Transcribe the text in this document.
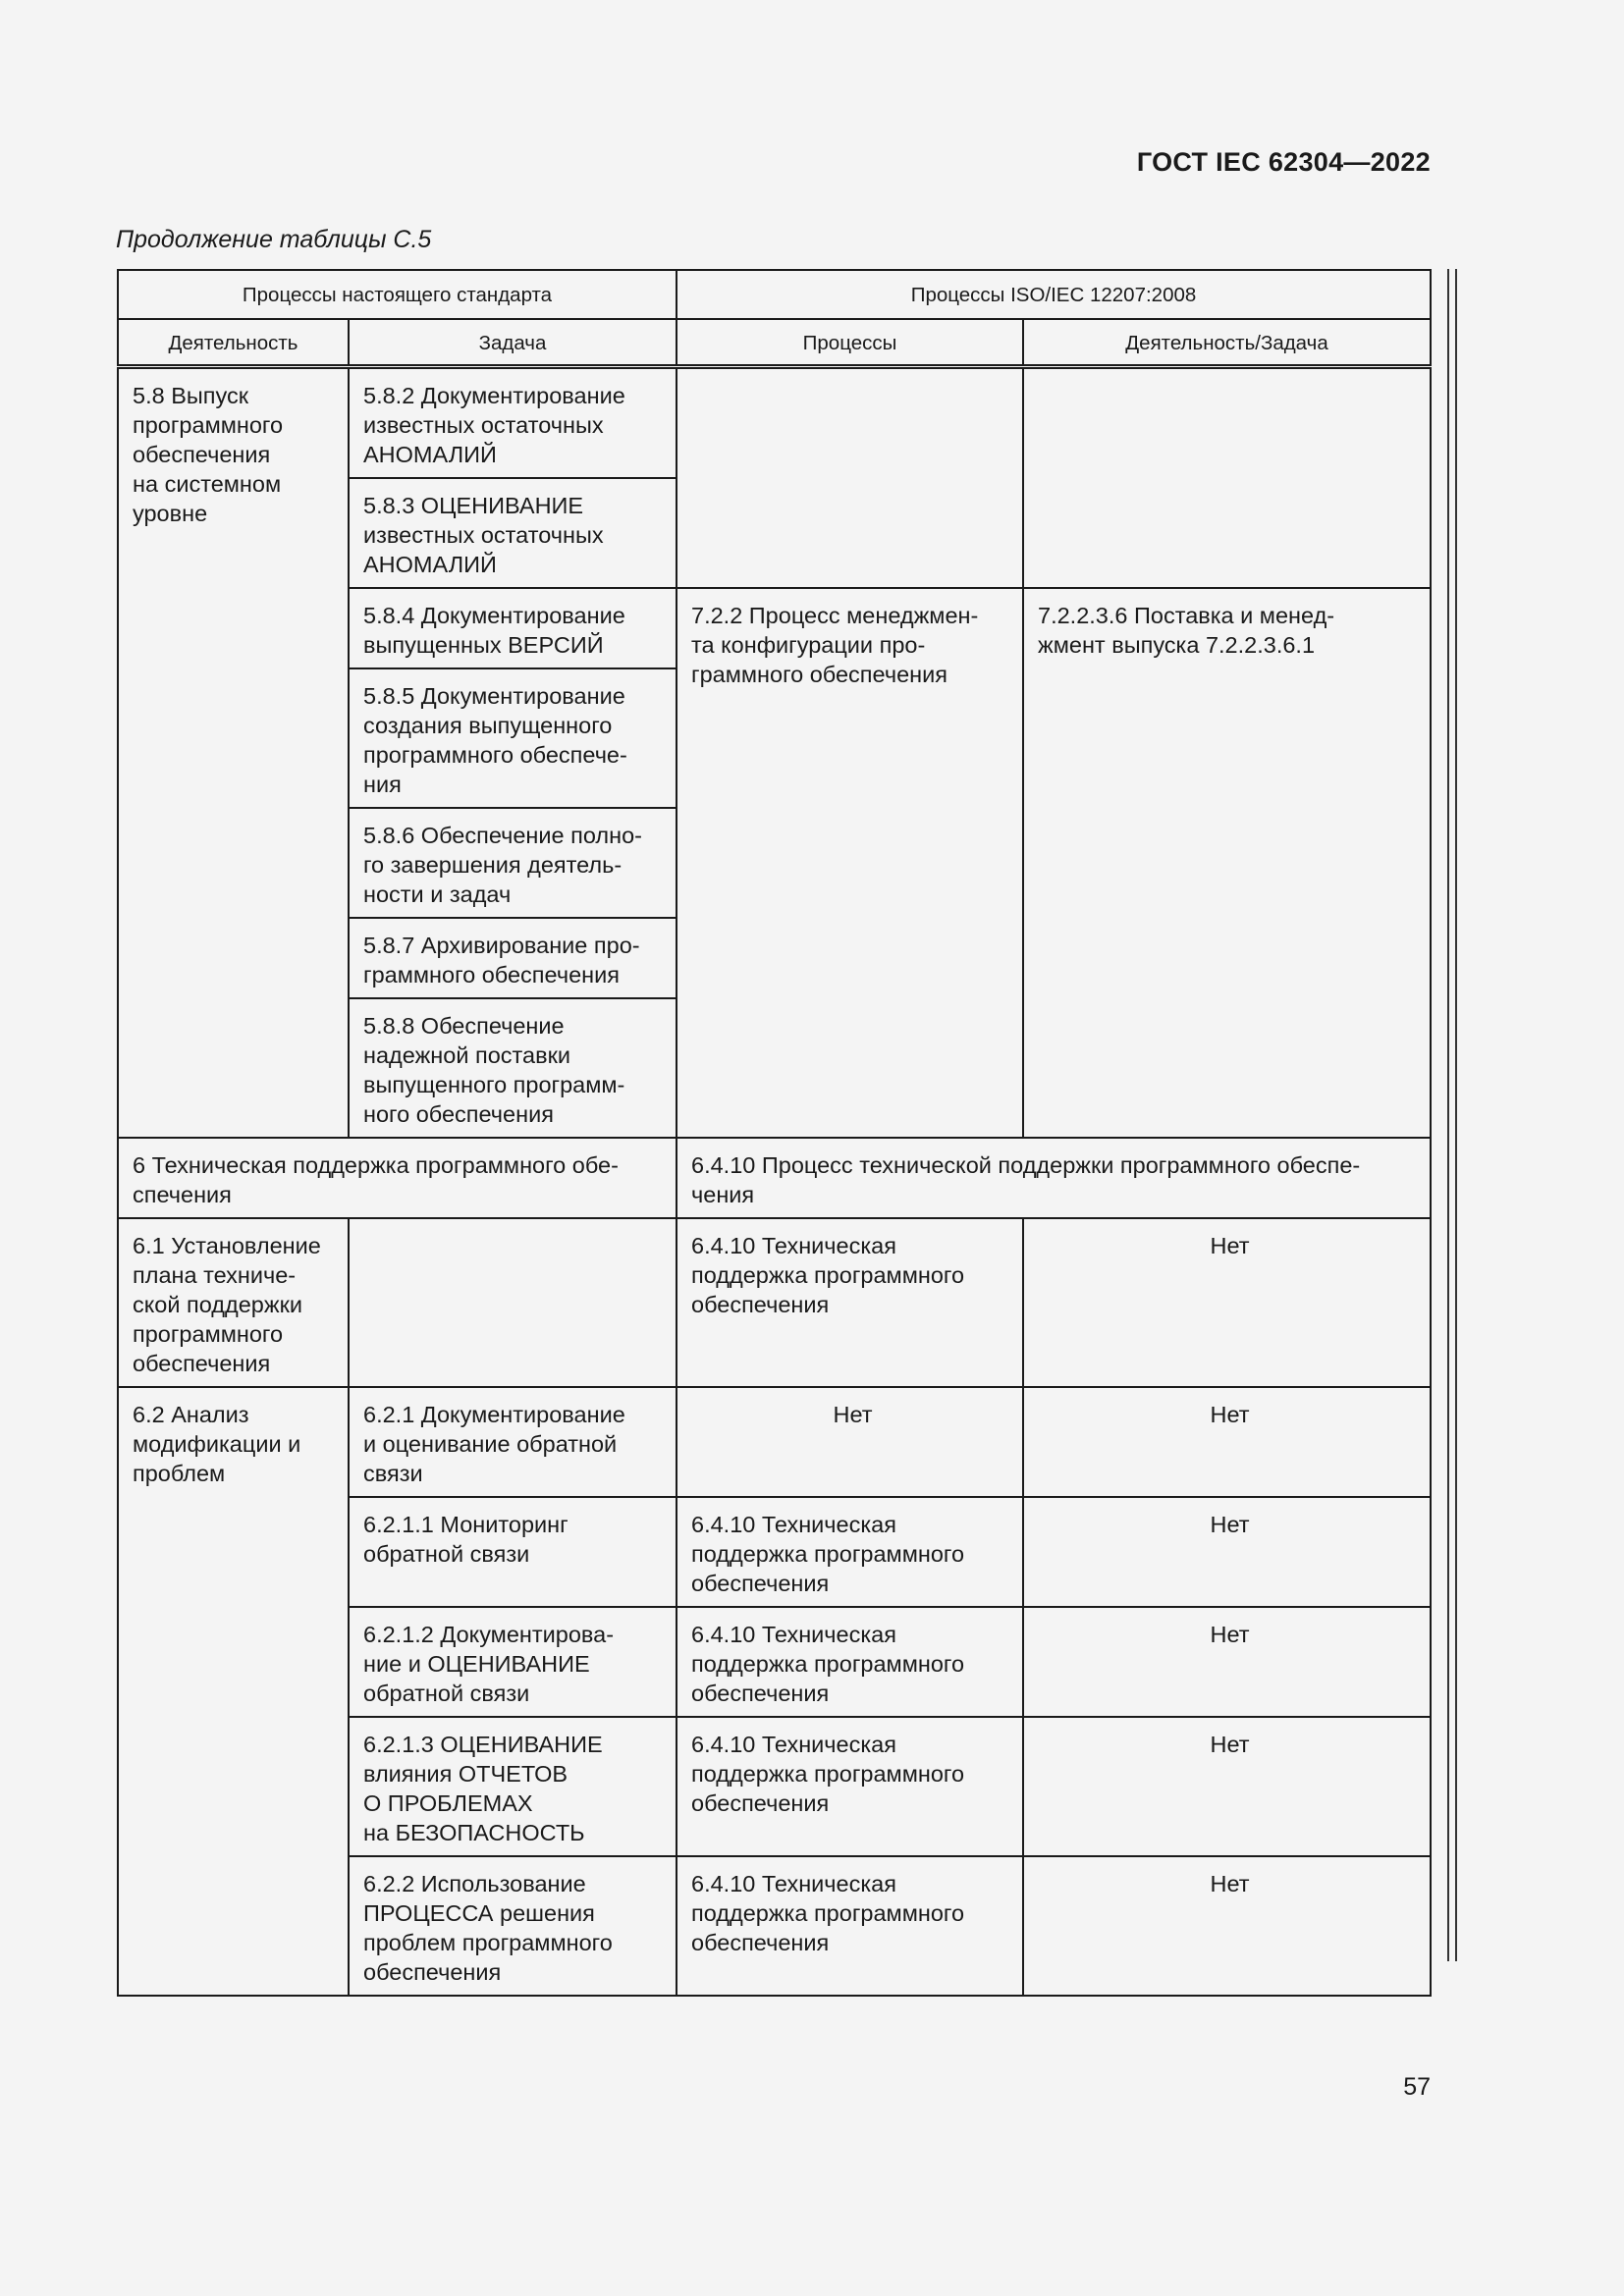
ГОСТ IEC 62304—2022
Продолжение таблицы С.5
Процессы настоящего стандарта		Процессы ISO/IEC 12207:2008	
Деятельность	Задача	Процессы	Деятельность/Задача
5.8 Выпуск
программного
обеспечения
на системном
уровне	5.8.2 Документирование
известных остаточных
АНОМАЛИЙ		
	5.8.3 ОЦЕНИВАНИЕ
известных остаточных
АНОМАЛИЙ		
	5.8.4 Документирование
выпущенных ВЕРСИЙ	7.2.2 Процесс менеджмен-
та конфигурации про-
граммного обеспечения	7.2.2.3.6 Поставка и менед-
жмент выпуска 7.2.2.3.6.1
	5.8.5 Документирование
создания выпущенного
программного обеспече-
ния		
	5.8.6 Обеспечение полно-
го завершения деятель-
ности и задач		
	5.8.7 Архивирование про-
граммного обеспечения		
	5.8.8 Обеспечение
надежной поставки
выпущенного программ-
ного обеспечения		
6 Техническая поддержка программного обе-
спечения		6.4.10 Процесс технической поддержки программного обеспе-
чения	
6.1 Установление
плана техниче-
ской поддержки
программного
обеспечения		6.4.10 Техническая
поддержка программного
обеспечения	Нет
6.2 Анализ
модификации и
проблем	6.2.1 Документирование
и оценивание обратной
связи	Нет	Нет
	6.2.1.1 Мониторинг
обратной связи	6.4.10 Техническая
поддержка программного
обеспечения	Нет
	6.2.1.2 Документирова-
ние и ОЦЕНИВАНИЕ
обратной связи	6.4.10 Техническая
поддержка программного
обеспечения	Нет
	6.2.1.3 ОЦЕНИВАНИЕ
влияния ОТЧЕТОВ
О ПРОБЛЕМАХ
на БЕЗОПАСНОСТЬ	6.4.10 Техническая
поддержка программного
обеспечения	Нет
	6.2.2 Использование
ПРОЦЕССА решения
проблем программного
обеспечения	6.4.10 Техническая
поддержка программного
обеспечения	Нет
57
